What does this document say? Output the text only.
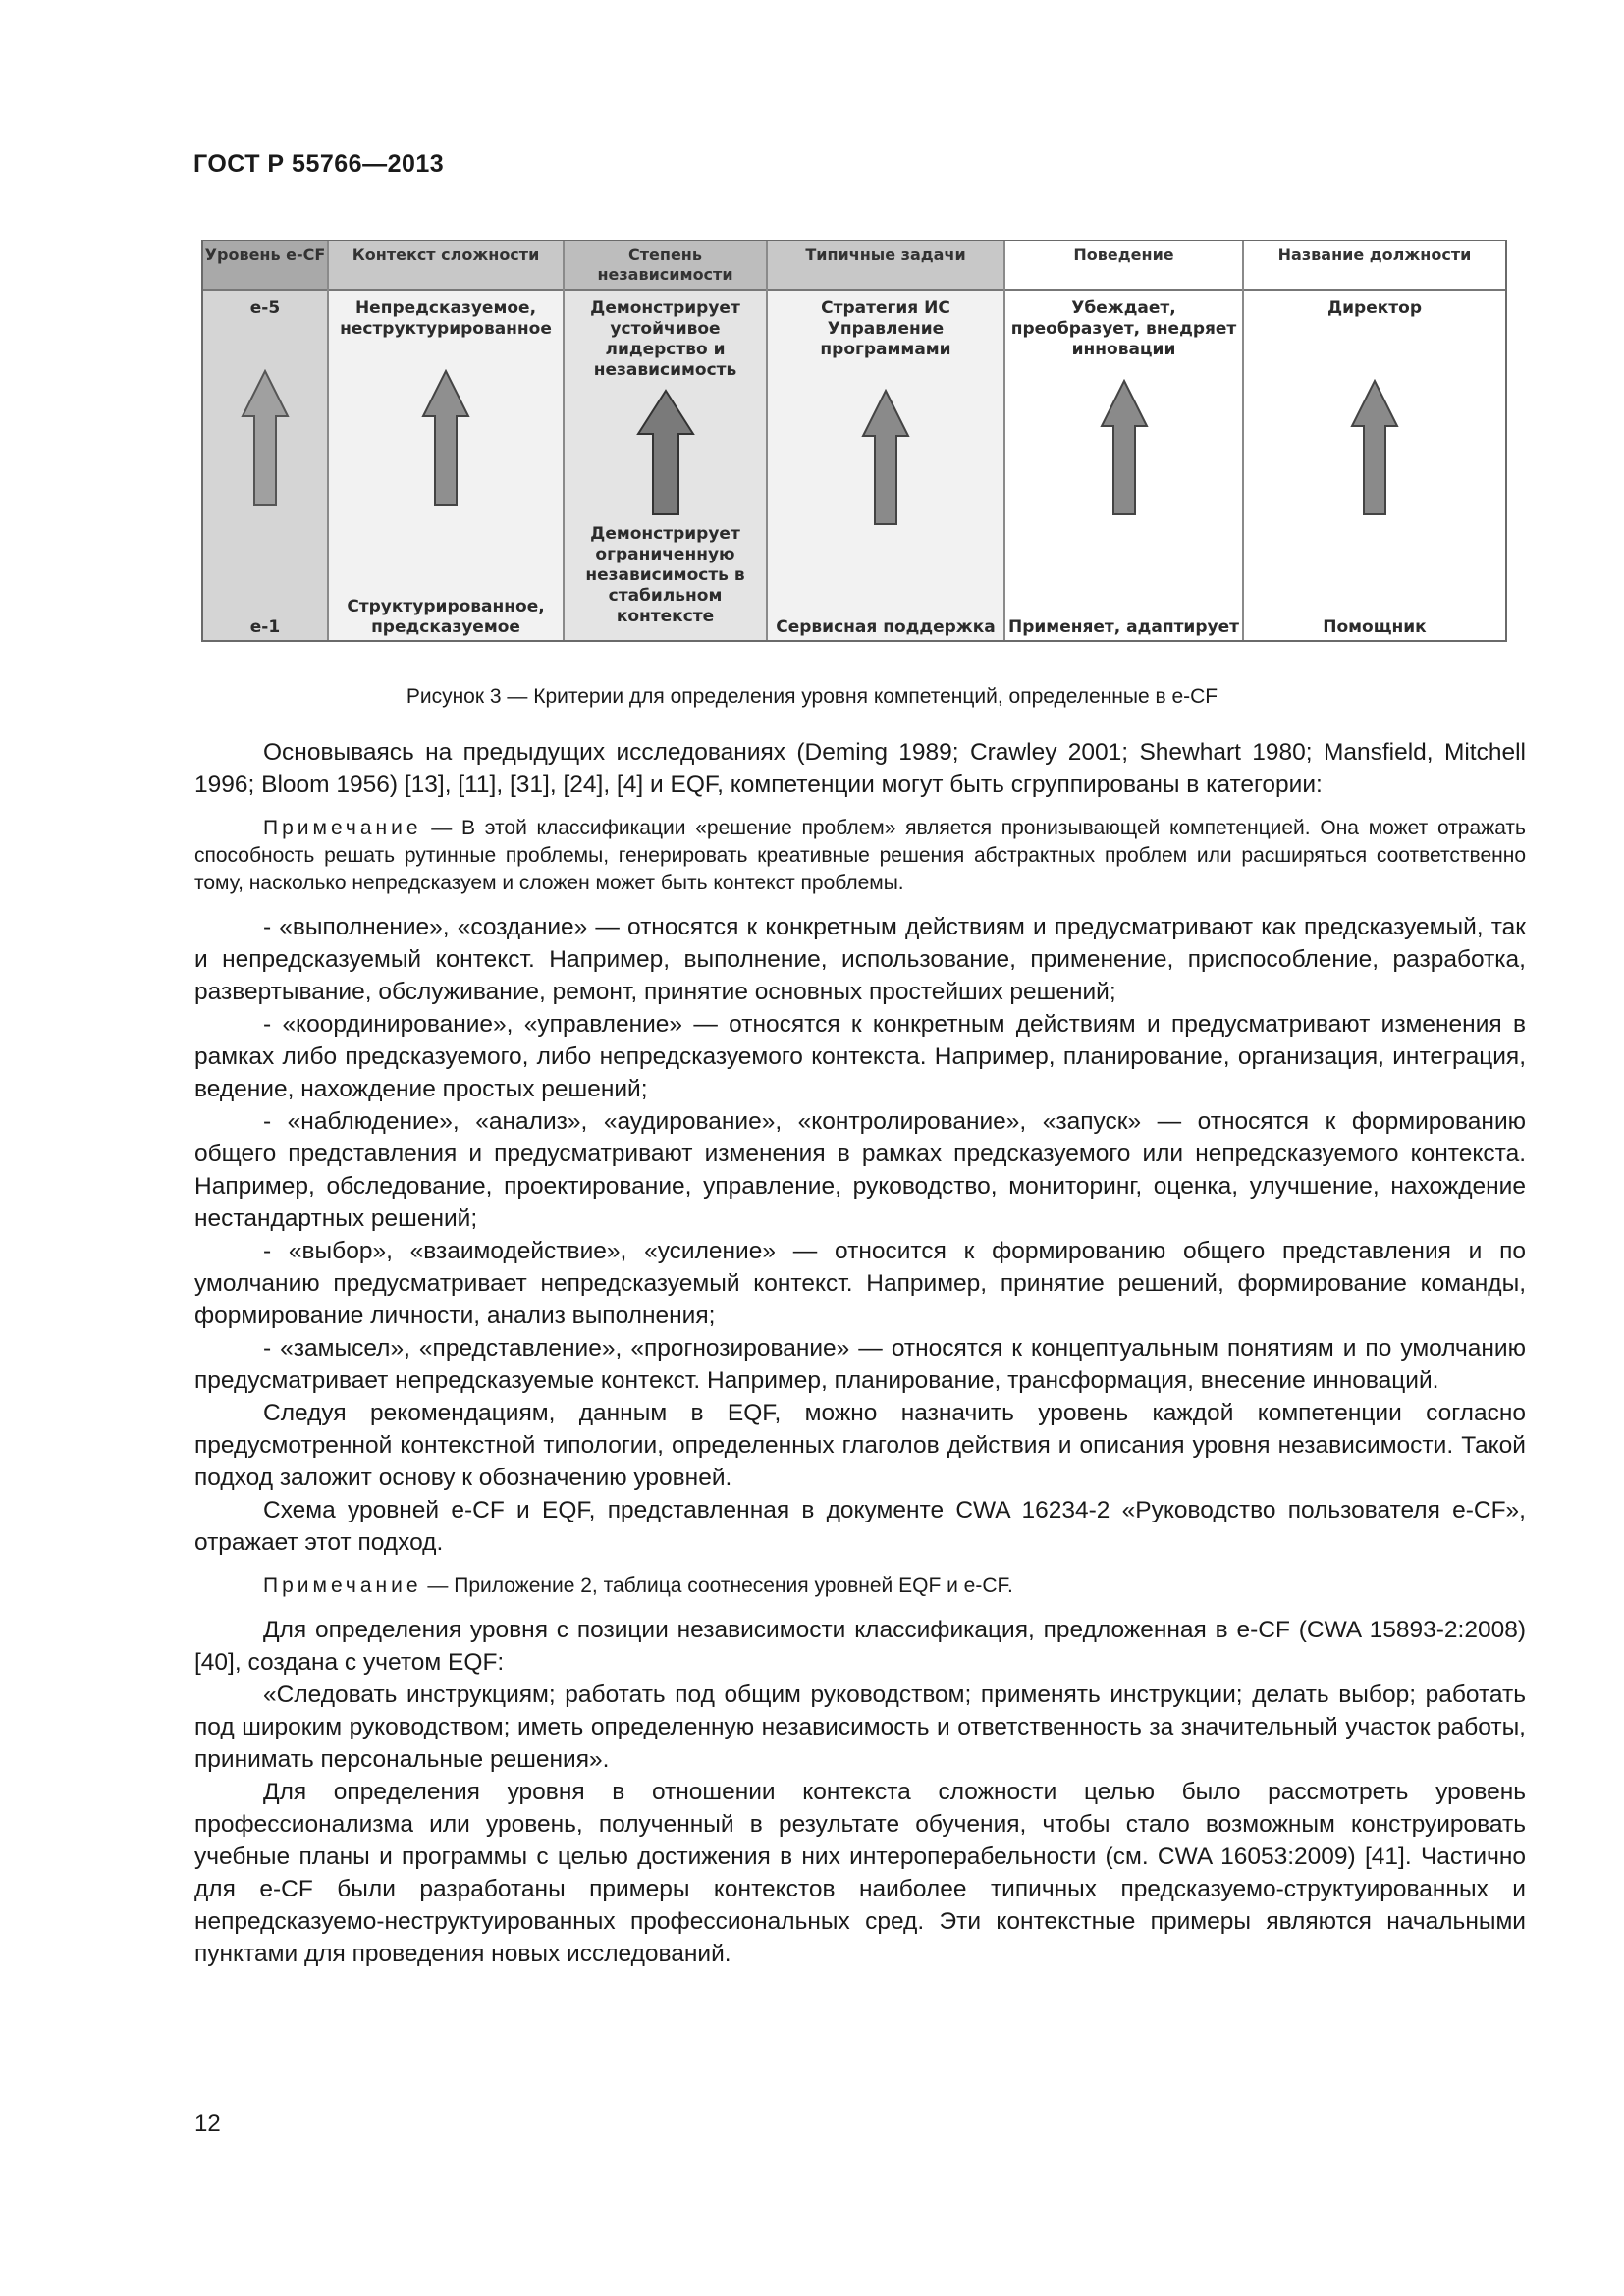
ГОСТ Р 55766—2013
Уровень e-CF
e-5
e-1
Контекст сложности
Непредсказуемое, неструктурированное
Структурированное, предсказуемое
Степень независимости
Демонстрирует устойчивое лидерство и независимость
Демонстрирует ограниченную независимость в стабильном контексте
Типичные задачи
Стратегия ИС Управление программами
Сервисная поддержка
Поведение
Убеждает, преобразует, внедряет инновации
Применяет, адаптирует
Название должности
Директор
Помощник
Рисунок 3 — Критерии для определения уровня компетенций, определенные в e-CF

Основываясь на предыдущих исследованиях (Deming 1989; Crawley 2001; Shewhart 1980; Mansfield, Mitchell 1996; Bloom 1956) [13], [11], [31], [24], [4] и EQF, компетенции могут быть сгруппированы в категории:

Примечание — В этой классификации «решение проблем» является пронизывающей компетенцией. Она может отражать способность решать рутинные проблемы, генерировать креативные решения абстрактных проблем или расширяться соответственно тому, насколько непредсказуем и сложен может быть контекст проблемы.

- «выполнение», «создание» — относятся к конкретным действиям и предусматривают как предсказуемый, так и непредсказуемый контекст. Например, выполнение, использование, применение, приспособление, разработка, развертывание, обслуживание, ремонт, принятие основных простейших решений;

- «координирование», «управление» — относятся к конкретным действиям и предусматривают изменения в рамках либо предсказуемого, либо непредсказуемого контекста. Например, планирование, организация, интеграция, ведение, нахождение простых решений;

- «наблюдение», «анализ», «аудирование», «контролирование», «запуск» — относятся к формированию общего представления и предусматривают изменения в рамках предсказуемого или непредсказуемого контекста. Например, обследование, проектирование, управление, руководство, мониторинг, оценка, улучшение, нахождение нестандартных решений;

- «выбор», «взаимодействие», «усиление» — относится к формированию общего представления и по умолчанию предусматривает непредсказуемый контекст. Например, принятие решений, формирование команды, формирование личности, анализ выполнения;

- «замысел», «представление», «прогнозирование» — относятся к концептуальным понятиям и по умолчанию предусматривает непредсказуемые контекст. Например, планирование, трансформация, внесение инноваций.

Следуя рекомендациям, данным в EQF, можно назначить уровень каждой компетенции согласно предусмотренной контекстной типологии, определенных глаголов действия и описания уровня независимости. Такой подход заложит основу к обозначению уровней.

Схема уровней e-CF и EQF, представленная в документе CWA 16234-2 «Руководство пользователя e-CF», отражает этот подход.

Примечание — Приложение 2, таблица соотнесения уровней EQF и e-CF.

Для определения уровня с позиции независимости классификация, предложенная в e-CF (CWA 15893-2:2008) [40], создана с учетом EQF:

«Следовать инструкциям; работать под общим руководством; применять инструкции; делать выбор; работать под широким руководством; иметь определенную независимость и ответственность за значительный участок работы, принимать персональные решения».

Для определения уровня в отношении контекста сложности целью было рассмотреть уровень профессионализма или уровень, полученный в результате обучения, чтобы стало возможным конструировать учебные планы и программы с целью достижения в них интероперабельности (см. CWA 16053:2009) [41]. Частично для e-CF были разработаны примеры контекстов наиболее типичных предсказуемо-структуированных и непредсказуемо-неструктуированных профессиональных сред. Эти контекстные примеры являются начальными пунктами для проведения новых исследований.

12
